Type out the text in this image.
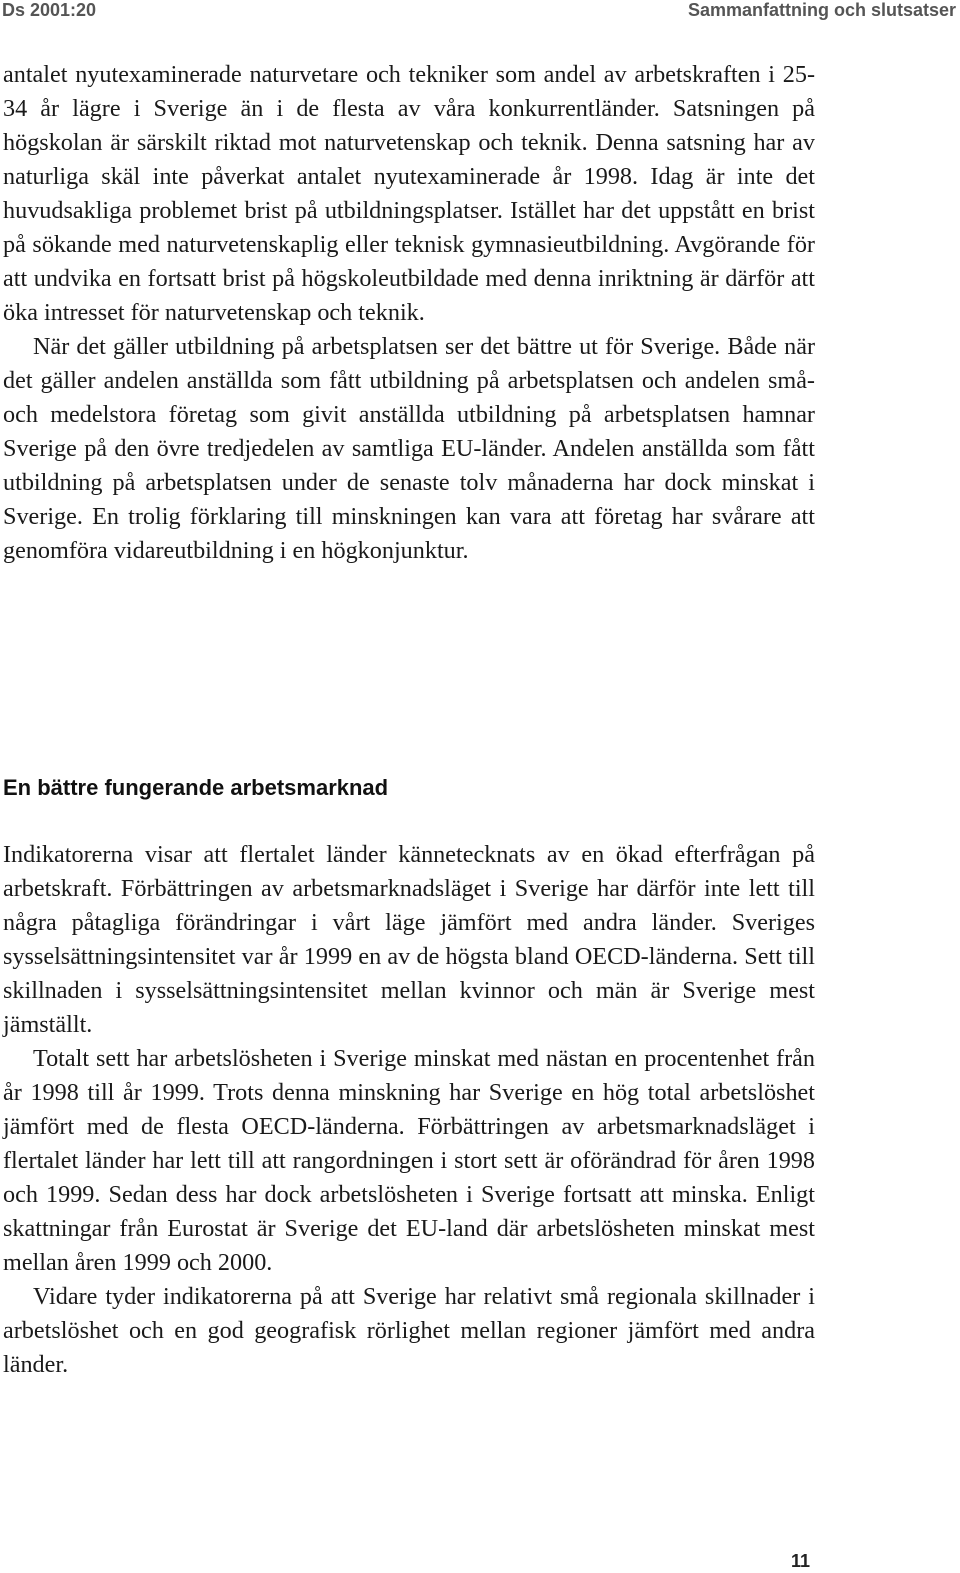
Ds 2001:20	Sammanfattning och slutsatser

antalet nyutexaminerade naturvetare och tekniker som andel av arbetskraften i 25-34 år lägre i Sverige än i de flesta av våra konkurrentländer. Satsningen på högskolan är särskilt riktad mot naturvetenskap och teknik. Denna satsning har av naturliga skäl inte påverkat antalet nyutexaminerade år 1998. Idag är inte det huvudsakliga problemet brist på utbildningsplatser. Istället har det uppstått en brist på sökande med naturvetenskaplig eller teknisk gymnasieutbildning. Avgörande för att undvika en fortsatt brist på högskoleutbildade med denna inriktning är därför att öka intresset för naturvetenskap och teknik.

När det gäller utbildning på arbetsplatsen ser det bättre ut för Sverige. Både när det gäller andelen anställda som fått utbildning på arbetsplatsen och andelen små- och medelstora företag som givit anställda utbildning på arbetsplatsen hamnar Sverige på den övre tredjedelen av samtliga EU-länder. Andelen anställda som fått utbildning på arbetsplatsen under de senaste tolv månaderna har dock minskat i Sverige. En trolig förklaring till minskningen kan vara att företag har svårare att genomföra vidareutbildning i en högkonjunktur.

En bättre fungerande arbetsmarknad

Indikatorerna visar att flertalet länder kännetecknats av en ökad efterfrågan på arbetskraft. Förbättringen av arbetsmarknadsläget i Sverige har därför inte lett till några påtagliga förändringar i vårt läge jämfört med andra länder. Sveriges sysselsättningsintensitet var år 1999 en av de högsta bland OECD-länderna. Sett till skillnaden i sysselsättningsintensitet mellan kvinnor och män är Sverige mest jämställt.

Totalt sett har arbetslösheten i Sverige minskat med nästan en procentenhet från år 1998 till år 1999. Trots denna minskning har Sverige en hög total arbetslöshet jämfört med de flesta OECD-länderna. Förbättringen av arbetsmarknadsläget i flertalet länder har lett till att rangordningen i stort sett är oförändrad för åren 1998 och 1999. Sedan dess har dock arbetslösheten i Sverige fortsatt att minska. Enligt skattningar från Eurostat är Sverige det EU-land där arbetslösheten minskat mest mellan åren 1999 och 2000.

Vidare tyder indikatorerna på att Sverige har relativt små regionala skillnader i arbetslöshet och en god geografisk rörlighet mellan regioner jämfört med andra länder.

11
